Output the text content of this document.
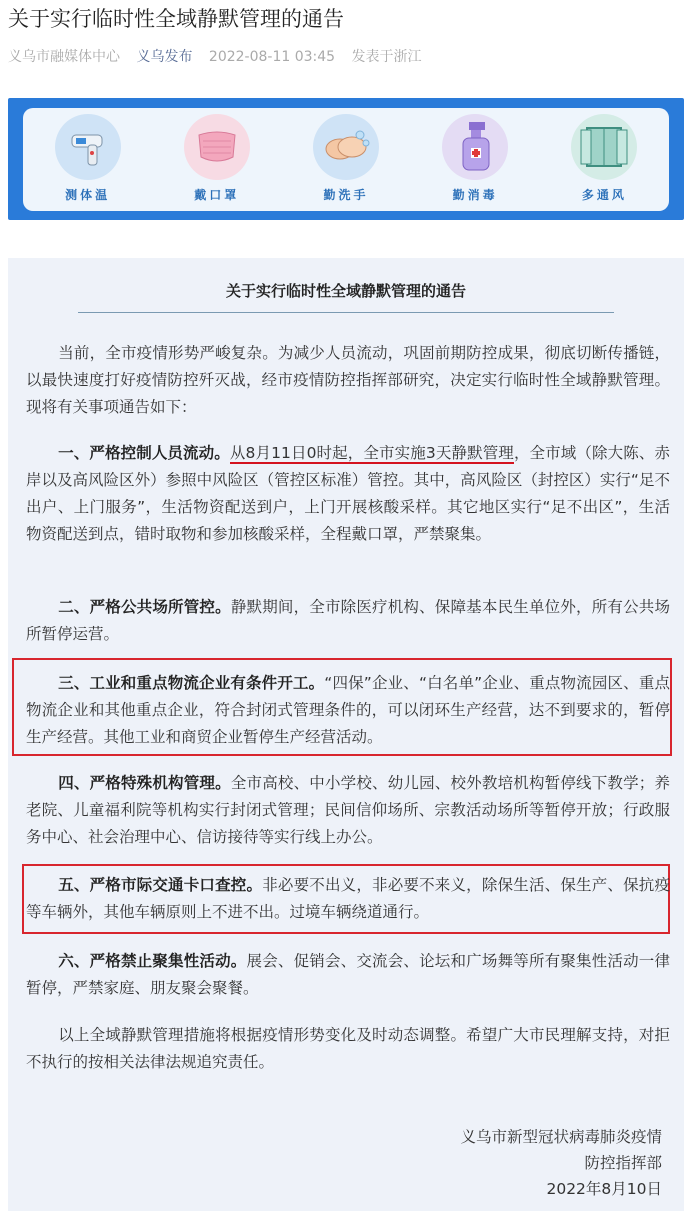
关于实行临时性全域静默管理的通告
义乌市融媒体中心 义乌发布 2022-08-11 03:45 发表于浙江
测体温	戴口罩	勤洗手	勤消毒	多通风
关于实行临时性全域静默管理的通告

当前，全市疫情形势严峻复杂。为减少人员流动，巩固前期防控成果，彻底切断传播链，以最快速度打好疫情防控歼灭战，经市疫情防控指挥部研究，决定实行临时性全域静默管理。现将有关事项通告如下：

一、严格控制人员流动。从8月11日0时起，全市实施3天静默管理，全市域（除大陈、赤岸以及高风险区外）参照中风险区（管控区标准）管控。其中，高风险区（封控区）实行“足不出户、上门服务”，生活物资配送到户，上门开展核酸采样。其它地区实行“足不出区”，生活物资配送到点，错时取物和参加核酸采样，全程戴口罩，严禁聚集。

二、严格公共场所管控。静默期间，全市除医疗机构、保障基本民生单位外，所有公共场所暂停运营。

三、工业和重点物流企业有条件开工。“四保”企业、“白名单”企业、重点物流园区、重点物流企业和其他重点企业，符合封闭式管理条件的，可以闭环生产经营，达不到要求的，暂停生产经营。其他工业和商贸企业暂停生产经营活动。

四、严格特殊机构管理。全市高校、中小学校、幼儿园、校外教培机构暂停线下教学；养老院、儿童福利院等机构实行封闭式管理；民间信仰场所、宗教活动场所等暂停开放；行政服务中心、社会治理中心、信访接待等实行线上办公。

五、严格市际交通卡口查控。非必要不出义，非必要不来义，除保生活、保生产、保抗疫等车辆外，其他车辆原则上不进不出。过境车辆绕道通行。

六、严格禁止聚集性活动。展会、促销会、交流会、论坛和广场舞等所有聚集性活动一律暂停，严禁家庭、朋友聚会聚餐。

以上全域静默管理措施将根据疫情形势变化及时动态调整。希望广大市民理解支持，对拒不执行的按相关法律法规追究责任。

义乌市新型冠状病毒肺炎疫情
防控指挥部
2022年8月10日
